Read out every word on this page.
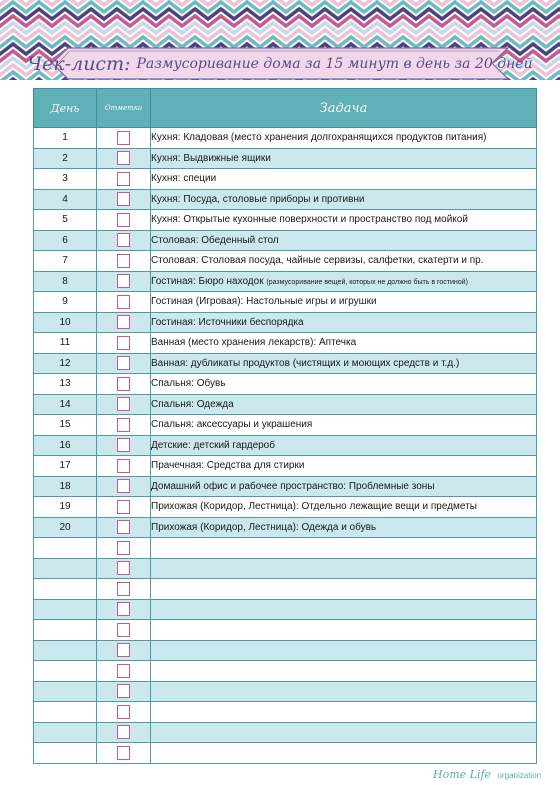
Чек-лист: Размусоривание дома за 15 минут в день за 20 дней
День	Отметка	Задача
1		Кухня: Кладовая (место хранения долгохранящихся продуктов питания)
2		Кухня: Выдвижные ящики
3		Кухня: специи
4		Кухня: Посуда, столовые приборы и противни
5		Кухня: Открытые кухонные поверхности и пространство под мойкой
6		Столовая: Обеденный стол
7		Столовая: Столовая посуда, чайные сервизы, салфетки, скатерти и пр.
8		Гостиная: Бюро находок (размусоривание вещей, которых не должно быть в гостиной)
9		Гостиная (Игровая): Настольные игры и игрушки
10		Гостиная: Источники беспорядка
11		Ванная (место хранения лекарств): Аптечка
12		Ванная: дубликаты продуктов (чистящих и моющих средств и т.д.)
13		Спальня: Обувь
14		Спальня: Одежда
15		Спальня: аксессуары и украшения
16		Детские: детский гардероб
17		Прачечная: Средства для стирки
18		Домашний офис и рабочее пространство: Проблемные зоны
19		Прихожая (Коридор, Лестница): Отдельно лежащие вещи и предметы
20		Прихожая (Коридор, Лестница): Одежда и обувь

Home Life organization
